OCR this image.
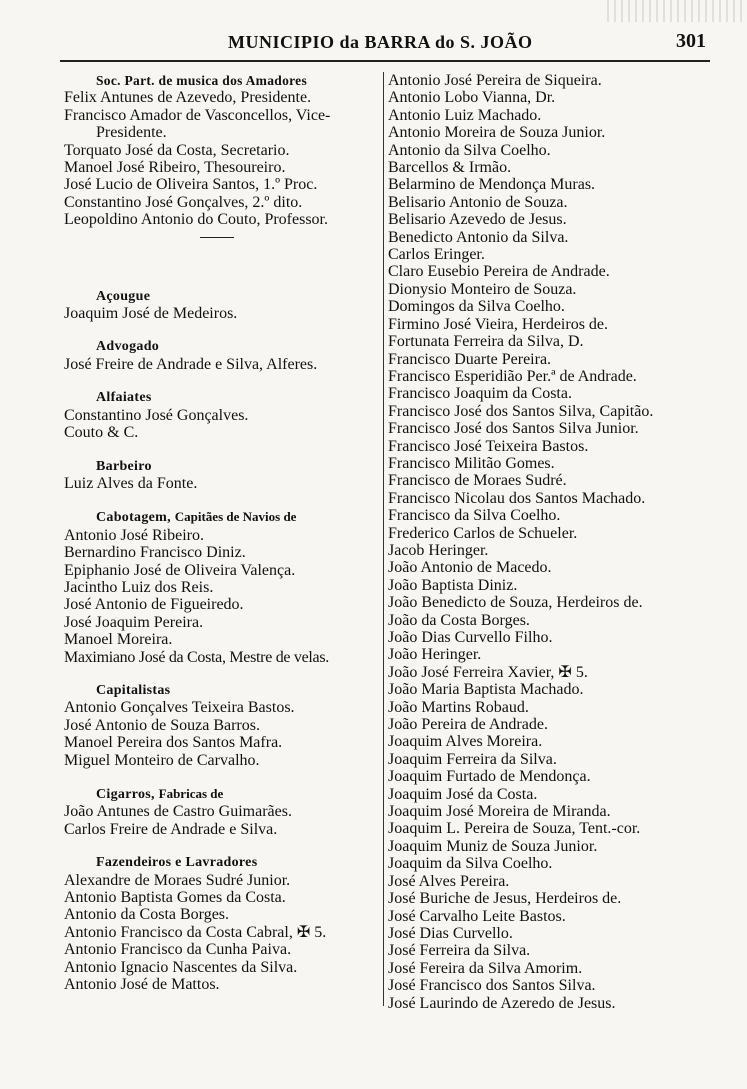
MUNICIPIO da BARRA do S. JOÃO	301
Soc. Part. de musica dos Amadores
Felix Antunes de Azevedo, Presidente.
Francisco Amador de Vasconcellos, Vice-
Presidente.
Torquato José da Costa, Secretario.
Manoel José Ribeiro, Thesoureiro.
José Lucio de Oliveira Santos, 1.º Proc.
Constantino José Gonçalves, 2.º dito.
Leopoldino Antonio do Couto, Professor.
Açougue
Joaquim José de Medeiros.
Advogado
José Freire de Andrade e Silva, Alferes.
Alfaiates
Constantino José Gonçalves.
Couto & C.
Barbeiro
Luiz Alves da Fonte.
Cabotagem, Capitães de Navios de
Antonio José Ribeiro.
Bernardino Francisco Diniz.
Epiphanio José de Oliveira Valença.
Jacintho Luiz dos Reis.
José Antonio de Figueiredo.
José Joaquim Pereira.
Manoel Moreira.
Maximiano José da Costa, Mestre de velas.
Capitalistas
Antonio Gonçalves Teixeira Bastos.
José Antonio de Souza Barros.
Manoel Pereira dos Santos Mafra.
Miguel Monteiro de Carvalho.
Cigarros, Fabricas de
João Antunes de Castro Guimarães.
Carlos Freire de Andrade e Silva.
Fazendeiros e Lavradores
Alexandre de Moraes Sudré Junior.
Antonio Baptista Gomes da Costa.
Antonio da Costa Borges.
Antonio Francisco da Costa Cabral, ✠ 5.
Antonio Francisco da Cunha Paiva.
Antonio Ignacio Nascentes da Silva.
Antonio José de Mattos.
Antonio José Pereira de Siqueira.
Antonio Lobo Vianna, Dr.
Antonio Luiz Machado.
Antonio Moreira de Souza Junior.
Antonio da Silva Coelho.
Barcellos & Irmão.
Belarmino de Mendonça Muras.
Belisario Antonio de Souza.
Belisario Azevedo de Jesus.
Benedicto Antonio da Silva.
Carlos Eringer.
Claro Eusebio Pereira de Andrade.
Dionysio Monteiro de Souza.
Domingos da Silva Coelho.
Firmino José Vieira, Herdeiros de.
Fortunata Ferreira da Silva, D.
Francisco Duarte Pereira.
Francisco Esperidião Per.ª de Andrade.
Francisco Joaquim da Costa.
Francisco José dos Santos Silva, Capitão.
Francisco José dos Santos Silva Junior.
Francisco José Teixeira Bastos.
Francisco Militão Gomes.
Francisco de Moraes Sudré.
Francisco Nicolau dos Santos Machado.
Francisco da Silva Coelho.
Frederico Carlos de Schueler.
Jacob Heringer.
João Antonio de Macedo.
João Baptista Diniz.
João Benedicto de Souza, Herdeiros de.
João da Costa Borges.
João Dias Curvello Filho.
João Heringer.
João José Ferreira Xavier, ✠ 5.
João Maria Baptista Machado.
João Martins Robaud.
João Pereira de Andrade.
Joaquim Alves Moreira.
Joaquim Ferreira da Silva.
Joaquim Furtado de Mendonça.
Joaquim José da Costa.
Joaquim José Moreira de Miranda.
Joaquim L. Pereira de Souza, Tent.-cor.
Joaquim Muniz de Souza Junior.
Joaquim da Silva Coelho.
José Alves Pereira.
José Buriche de Jesus, Herdeiros de.
José Carvalho Leite Bastos.
José Dias Curvello.
José Ferreira da Silva.
José Fereira da Silva Amorim.
José Francisco dos Santos Silva.
José Laurindo de Azeredo de Jesus.
